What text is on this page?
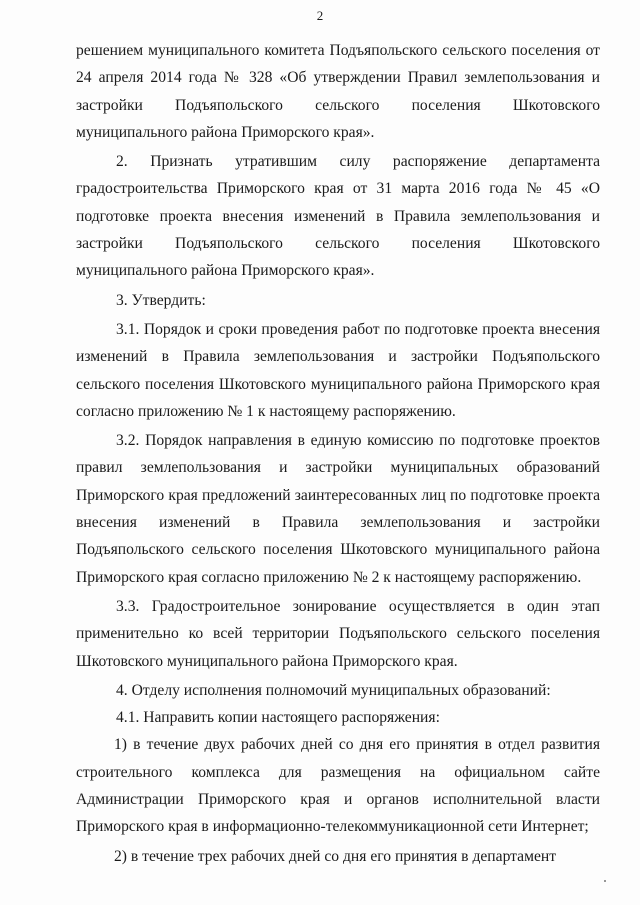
2

решением муниципального комитета Подъяпольского сельского поселения от 24 апреля 2014 года № 328 «Об утверждении Правил землепользования и застройки Подъяпольского сельского поселения Шкотовского муниципального района Приморского края».

2. Признать утратившим силу распоряжение департамента градостроительства Приморского края от 31 марта 2016 года № 45 «О подготовке проекта внесения изменений в Правила землепользования и застройки Подъяпольского сельского поселения Шкотовского муниципального района Приморского края».

3. Утвердить:

3.1. Порядок и сроки проведения работ по подготовке проекта внесения изменений в Правила землепользования и застройки Подъяпольского сельского поселения Шкотовского муниципального района Приморского края согласно приложению № 1 к настоящему распоряжению.

3.2. Порядок направления в единую комиссию по подготовке проектов правил землепользования и застройки муниципальных образований Приморского края предложений заинтересованных лиц по подготовке проекта внесения изменений в Правила землепользования и застройки Подъяпольского сельского поселения Шкотовского муниципального района Приморского края согласно приложению № 2 к настоящему распоряжению.

3.3. Градостроительное зонирование осуществляется в один этап применительно ко всей территории Подъяпольского сельского поселения Шкотовского муниципального района Приморского края.

4. Отделу исполнения полномочий муниципальных образований:

4.1. Направить копии настоящего распоряжения:

1) в течение двух рабочих дней со дня его принятия в отдел развития строительного комплекса для размещения на официальном сайте Администрации Приморского края и органов исполнительной власти Приморского края в информационно-телекоммуникационной сети Интернет;

2) в течение трех рабочих дней со дня его принятия в департамент
